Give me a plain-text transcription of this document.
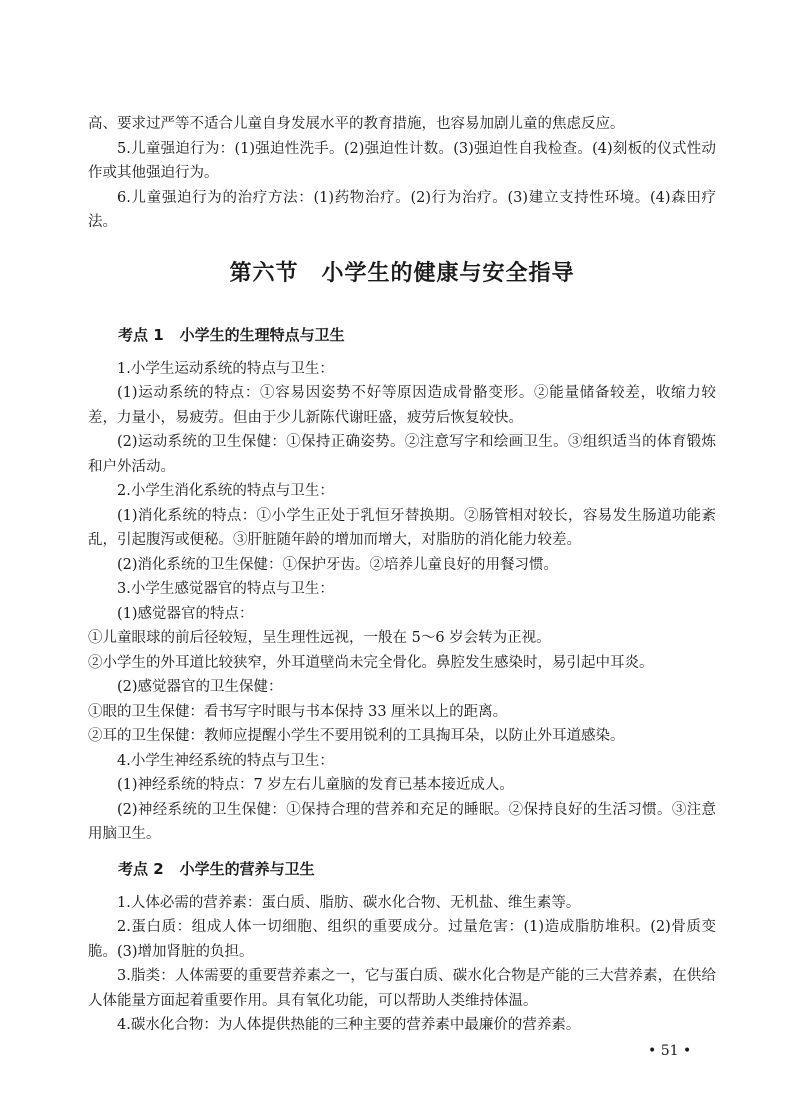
高、要求过严等不适合儿童自身发展水平的教育措施，也容易加剧儿童的焦虑反应。

5.儿童强迫行为：(1)强迫性洗手。(2)强迫性计数。(3)强迫性自我检查。(4)刻板的仪式性动作或其他强迫行为。

6.儿童强迫行为的治疗方法：(1)药物治疗。(2)行为治疗。(3)建立支持性环境。(4)森田疗法。

第六节　小学生的健康与安全指导
考点 1 小学生的生理特点与卫生

1.小学生运动系统的特点与卫生：

(1)运动系统的特点：①容易因姿势不好等原因造成骨骼变形。②能量储备较差，收缩力较差，力量小，易疲劳。但由于少儿新陈代谢旺盛，疲劳后恢复较快。

(2)运动系统的卫生保健：①保持正确姿势。②注意写字和绘画卫生。③组织适当的体育锻炼和户外活动。

2.小学生消化系统的特点与卫生：

(1)消化系统的特点：①小学生正处于乳恒牙替换期。②肠管相对较长，容易发生肠道功能紊乱，引起腹泻或便秘。③肝脏随年龄的增加而增大，对脂肪的消化能力较差。

(2)消化系统的卫生保健：①保护牙齿。②培养儿童良好的用餐习惯。

3.小学生感觉器官的特点与卫生：

(1)感觉器官的特点：

①儿童眼球的前后径较短，呈生理性远视，一般在 5～6 岁会转为正视。

②小学生的外耳道比较狭窄，外耳道壁尚未完全骨化。鼻腔发生感染时，易引起中耳炎。

(2)感觉器官的卫生保健：

①眼的卫生保健：看书写字时眼与书本保持 33 厘米以上的距离。

②耳的卫生保健：教师应提醒小学生不要用锐利的工具掏耳朵，以防止外耳道感染。

4.小学生神经系统的特点与卫生：

(1)神经系统的特点：7 岁左右儿童脑的发育已基本接近成人。

(2)神经系统的卫生保健：①保持合理的营养和充足的睡眠。②保持良好的生活习惯。③注意用脑卫生。

考点 2 小学生的营养与卫生

1.人体必需的营养素：蛋白质、脂肪、碳水化合物、无机盐、维生素等。

2.蛋白质：组成人体一切细胞、组织的重要成分。过量危害：(1)造成脂肪堆积。(2)骨质变脆。(3)增加肾脏的负担。

3.脂类：人体需要的重要营养素之一，它与蛋白质、碳水化合物是产能的三大营养素，在供给人体能量方面起着重要作用。具有氧化功能，可以帮助人类维持体温。

4.碳水化合物：为人体提供热能的三种主要的营养素中最廉价的营养素。

• 51 •
